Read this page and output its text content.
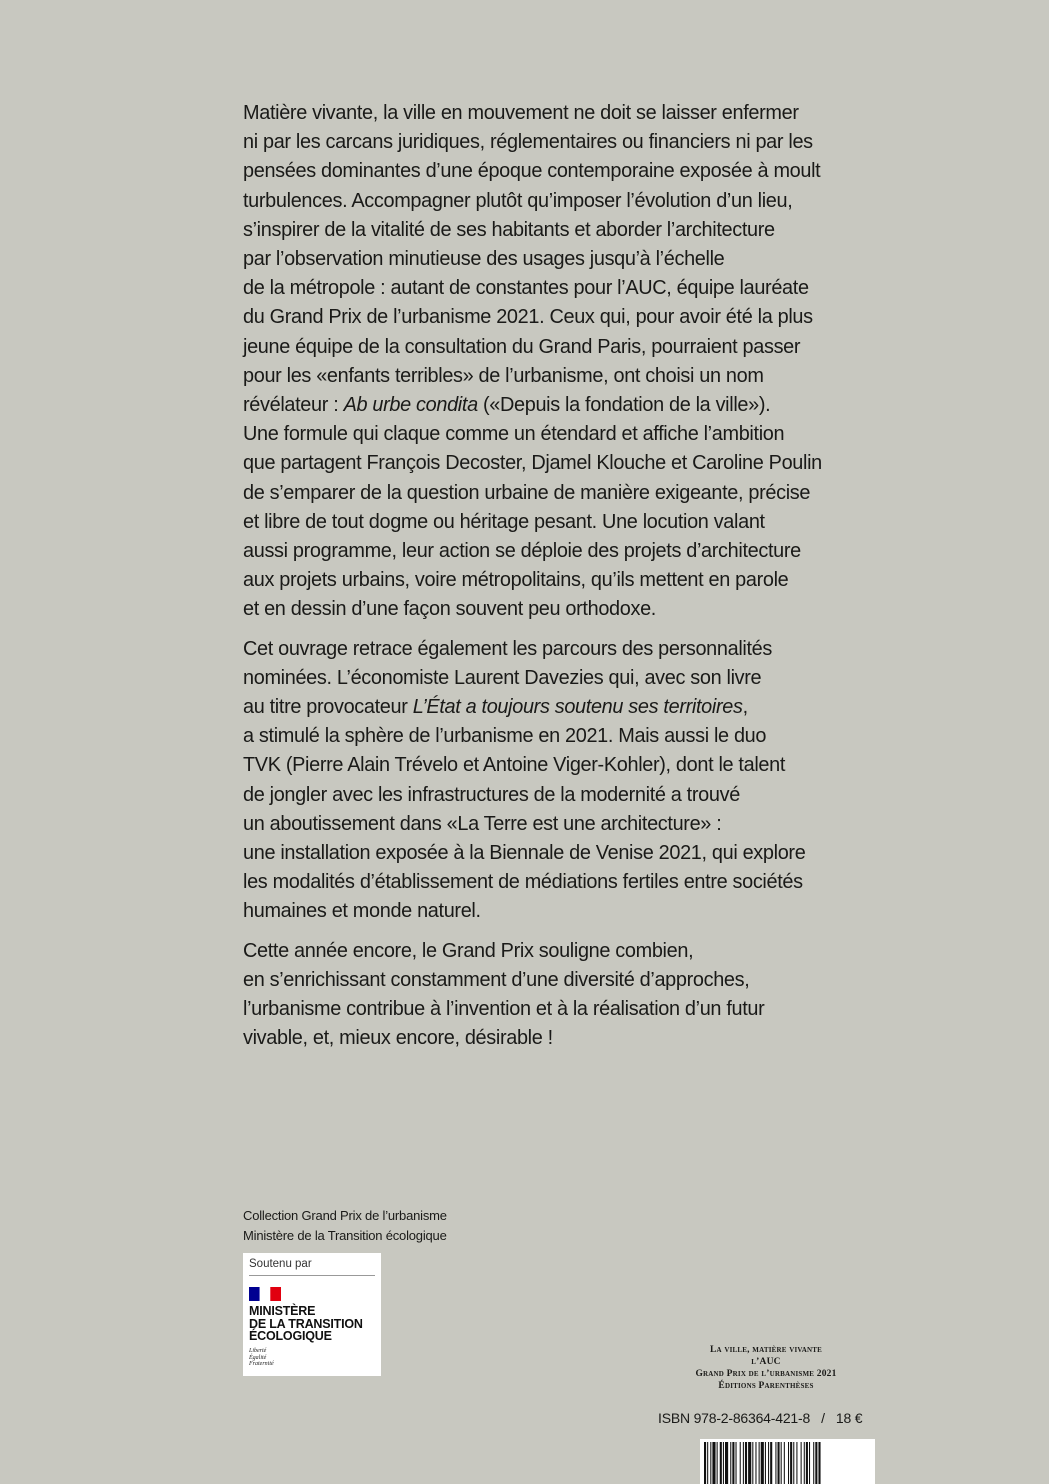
Matière vivante, la ville en mouvement ne doit se laisser enfermer
ni par les carcans juridiques, réglementaires ou financiers ni par les
pensées dominantes d’une époque contemporaine exposée à moult
turbulences. Accompagner plutôt qu’imposer l’évolution d’un lieu,
s’inspirer de la vitalité de ses habitants et aborder l’architecture
par l’observation minutieuse des usages jusqu’à l’échelle
de la métropole : autant de constantes pour l’AUC, équipe lauréate
du Grand Prix de l’urbanisme 2021. Ceux qui, pour avoir été la plus
jeune équipe de la consultation du Grand Paris, pourraient passer
pour les «enfants terribles» de l’urbanisme, ont choisi un nom
révélateur : Ab urbe condita («Depuis la fondation de la ville»).
Une formule qui claque comme un étendard et affiche l’ambition
que partagent François Decoster, Djamel Klouche et Caroline Poulin
de s’emparer de la question urbaine de manière exigeante, précise
et libre de tout dogme ou héritage pesant. Une locution valant
aussi programme, leur action se déploie des projets d’architecture
aux projets urbains, voire métropolitains, qu’ils mettent en parole
et en dessin d’une façon souvent peu orthodoxe.
Cet ouvrage retrace également les parcours des personnalités
nominées. L’économiste Laurent Davezies qui, avec son livre
au titre provocateur L’État a toujours soutenu ses territoires,
a stimulé la sphère de l’urbanisme en 2021. Mais aussi le duo
TVK (Pierre Alain Trévelo et Antoine Viger-Kohler), dont le talent
de jongler avec les infrastructures de la modernité a trouvé
un aboutissement dans «La Terre est une architecture» :
une installation exposée à la Biennale de Venise 2021, qui explore
les modalités d’établissement de médiations fertiles entre sociétés
humaines et monde naturel.
Cette année encore, le Grand Prix souligne combien,
en s’enrichissant constamment d’une diversité d’approches,
l’urbanisme contribue à l’invention et à la réalisation d’un futur
vivable, et, mieux encore, désirable !
Collection Grand Prix de l’urbanisme
Ministère de la Transition écologique
Soutenu par
MINISTÈRE
DE LA TRANSITION
ÉCOLOGIQUE
Liberté
Égalité
Fraternité
La ville, matière vivante
l’AUC
Grand Prix de l’urbanisme 2021
Éditions Parenthèses
ISBN 978-2-86364-421-8   /   18 €
